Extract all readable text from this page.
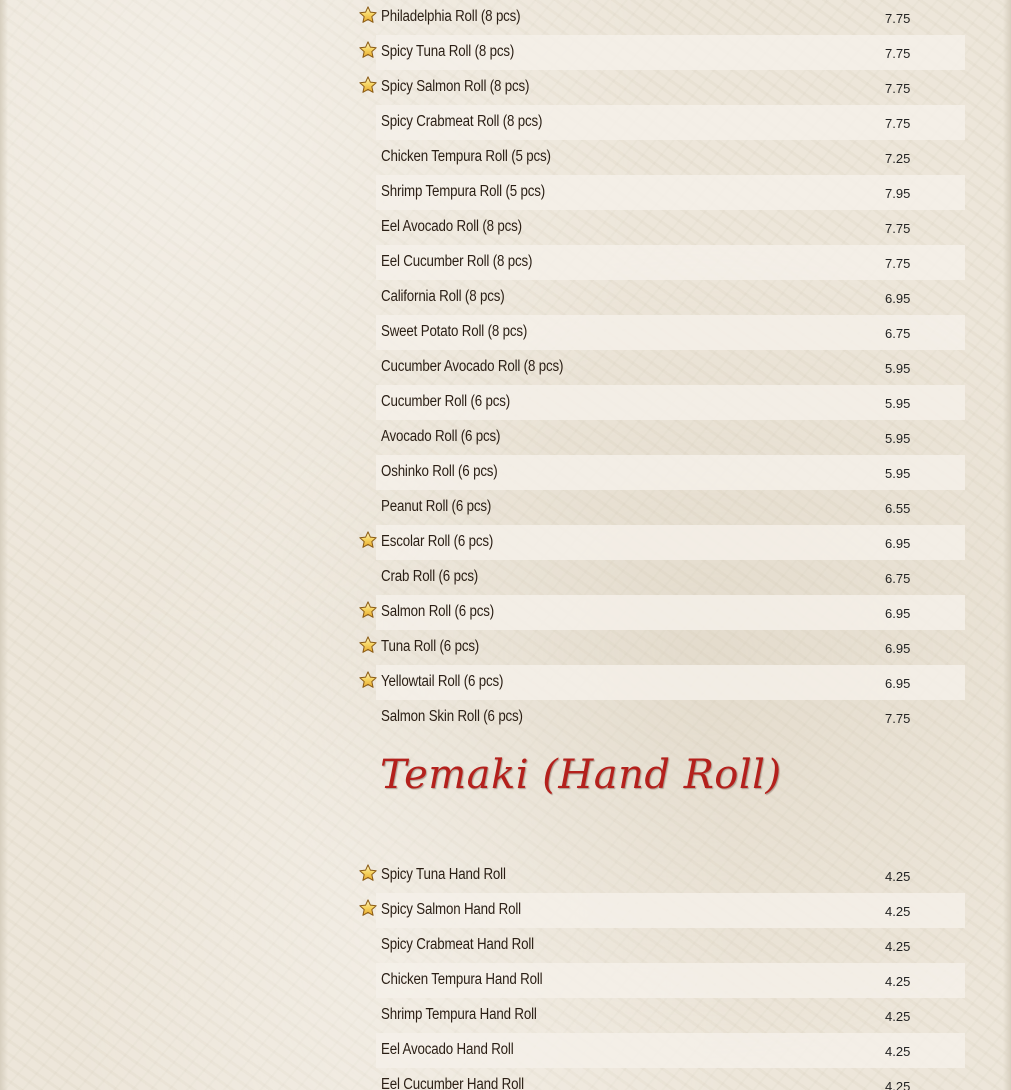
Philadelphia Roll (8 pcs)	7.75
Spicy Tuna Roll (8 pcs)	7.75
Spicy Salmon Roll (8 pcs)	7.75
Spicy Crabmeat Roll (8 pcs)	7.75
Chicken Tempura Roll (5 pcs)	7.25
Shrimp Tempura Roll (5 pcs)	7.95
Eel Avocado Roll (8 pcs)	7.75
Eel Cucumber Roll (8 pcs)	7.75
California Roll (8 pcs)	6.95
Sweet Potato Roll (8 pcs)	6.75
Cucumber Avocado Roll (8 pcs)	5.95
Cucumber Roll (6 pcs)	5.95
Avocado Roll (6 pcs)	5.95
Oshinko Roll (6 pcs)	5.95
Peanut Roll (6 pcs)	6.55
Escolar Roll (6 pcs)	6.95
Crab Roll (6 pcs)	6.75
Salmon Roll (6 pcs)	6.95
Tuna Roll (6 pcs)	6.95
Yellowtail Roll (6 pcs)	6.95
Salmon Skin Roll (6 pcs)	7.75
Temaki (Hand Roll)
Spicy Tuna Hand Roll	4.25
Spicy Salmon Hand Roll	4.25
Spicy Crabmeat Hand Roll	4.25
Chicken Tempura Hand Roll	4.25
Shrimp Tempura Hand Roll	4.25
Eel Avocado Hand Roll	4.25
Eel Cucumber Hand Roll	4.25
